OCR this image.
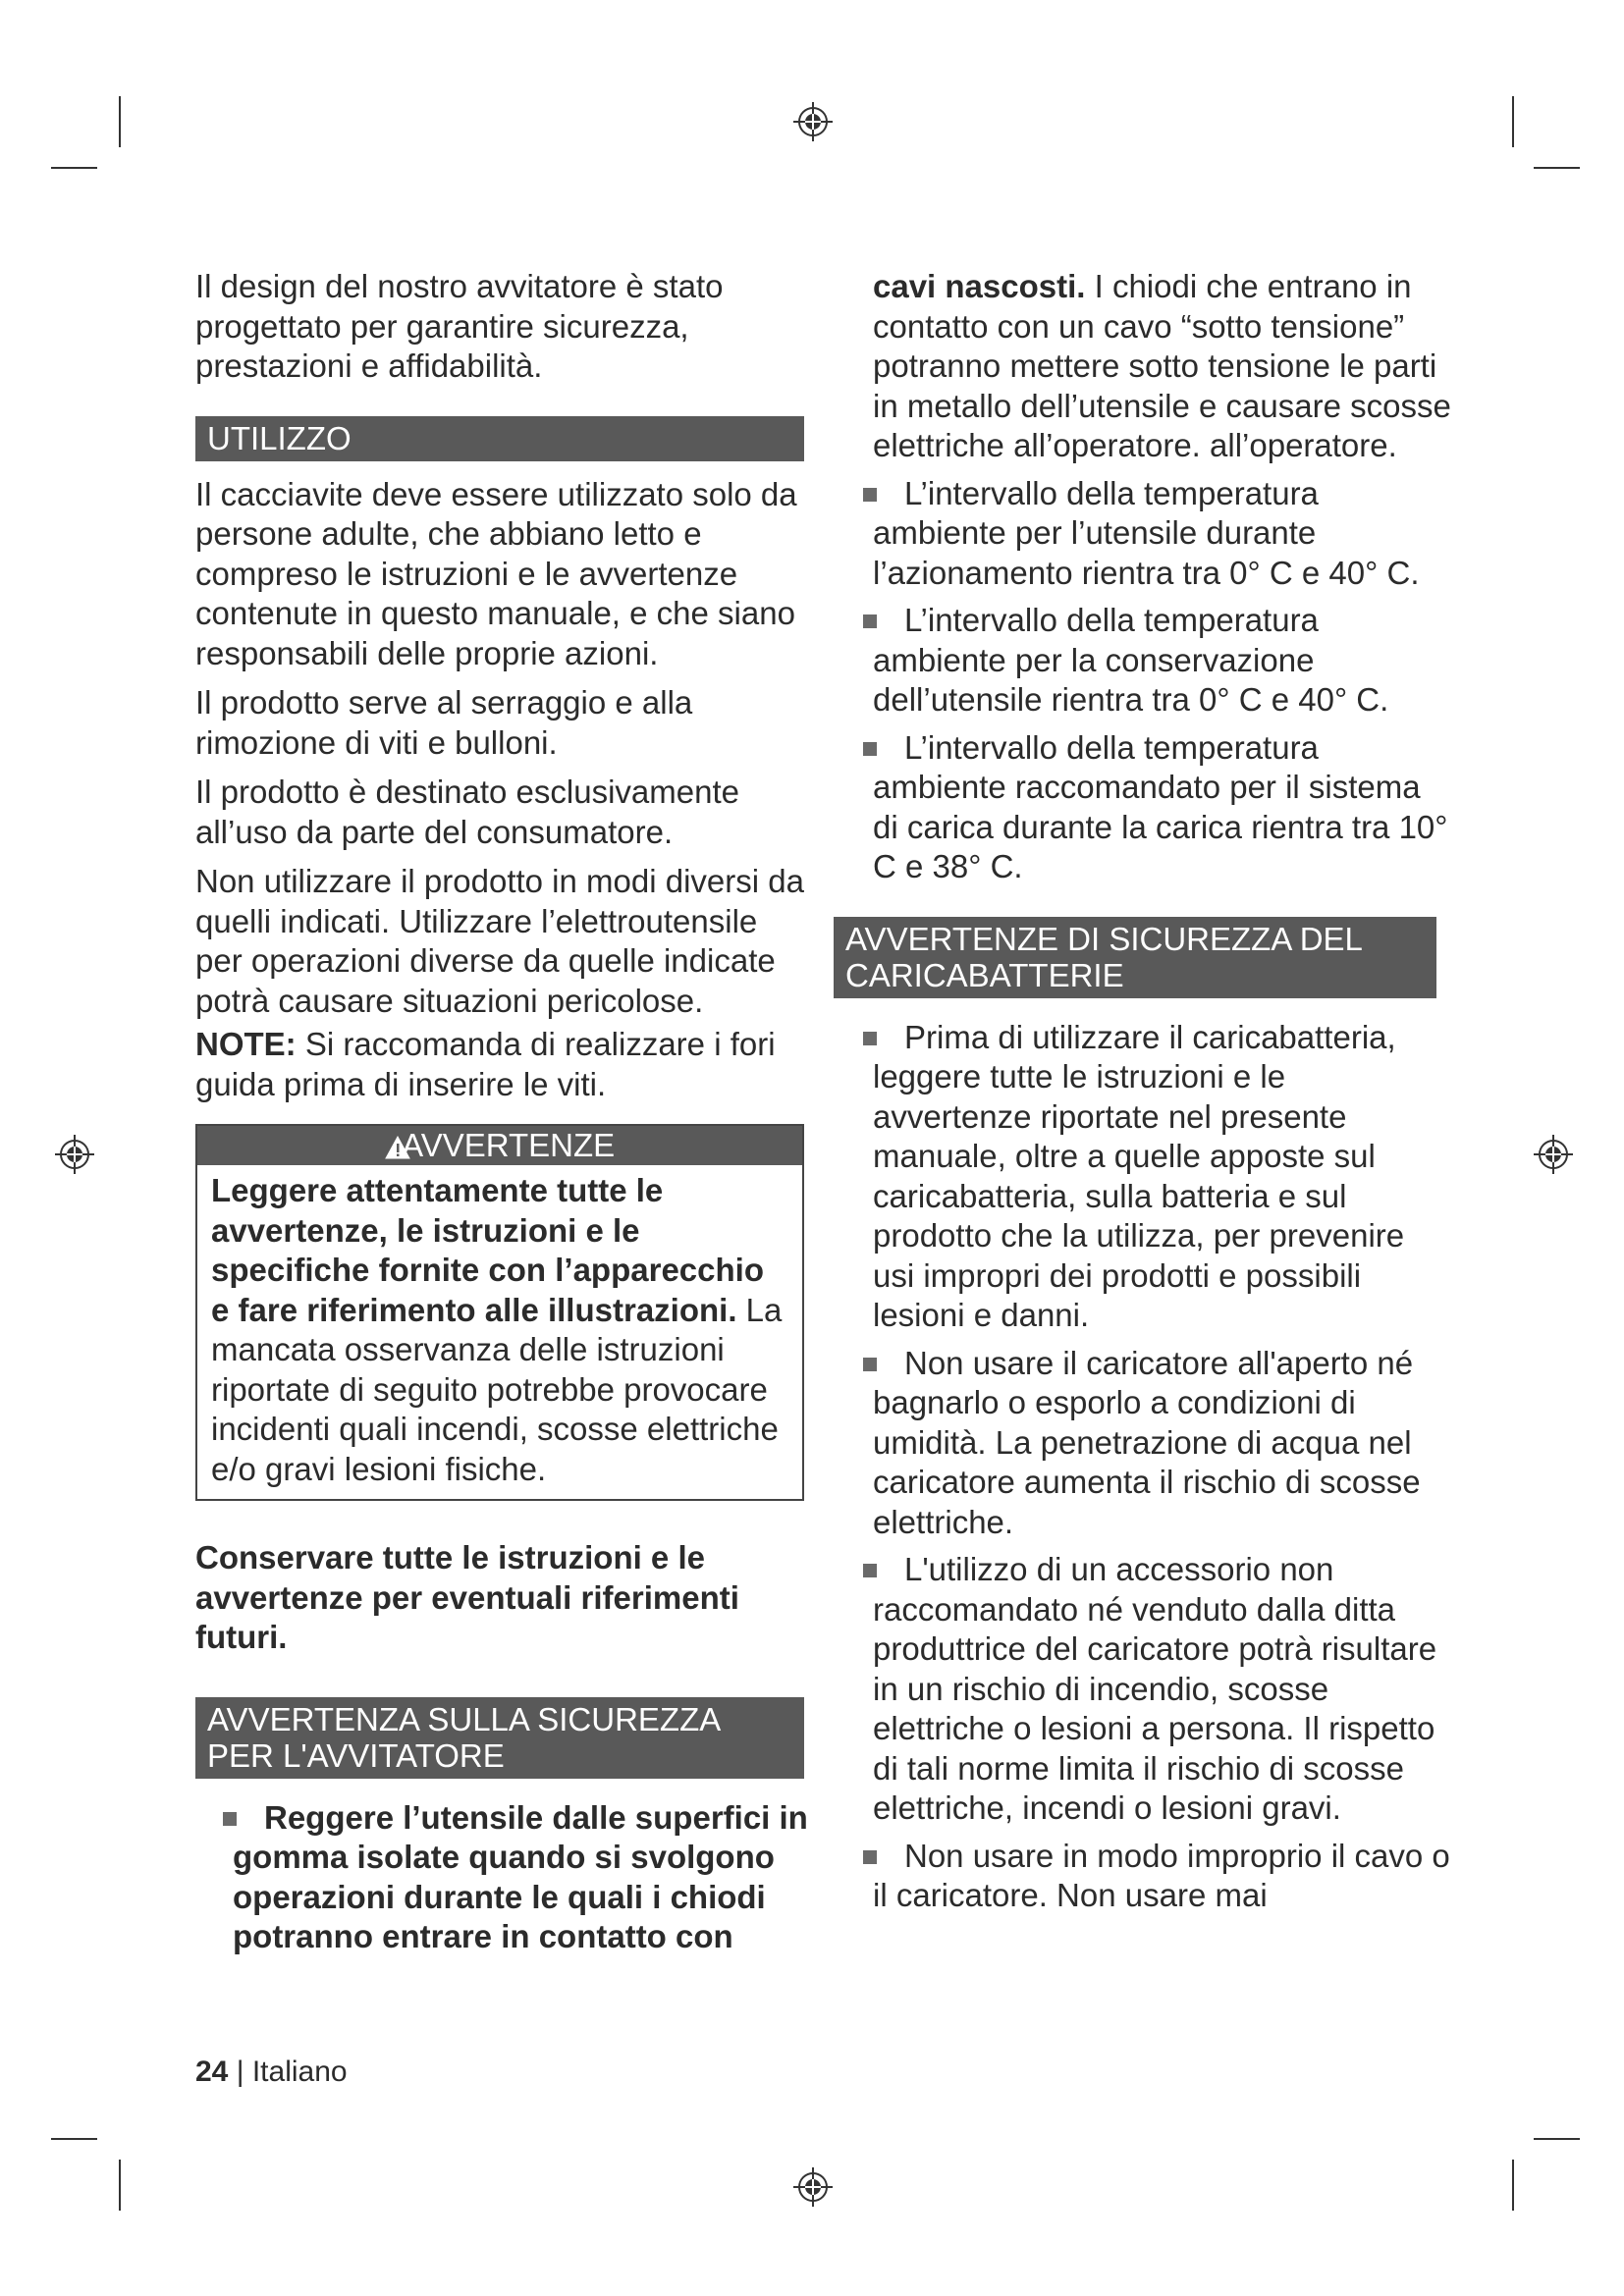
Il design del nostro avvitatore è stato progettato per garantire sicurezza, prestazioni e affidabilità.

UTILIZZO

Il cacciavite deve essere utilizzato solo da persone adulte, che abbiano letto e compreso le istruzioni e le avvertenze contenute in questo manuale, e che siano responsabili delle proprie azioni.

Il prodotto serve al serraggio e alla rimozione di viti e bulloni.

Il prodotto è destinato esclusivamente all’uso da parte del consumatore.

Non utilizzare il prodotto in modi diversi da quelli indicati. Utilizzare l’elettroutensile per operazioni diverse da quelle indicate potrà causare situazioni pericolose.

NOTE: Si raccomanda di realizzare i fori guida prima di inserire le viti.

AVVERTENZE
Leggere attentamente tutte le avvertenze, le istruzioni e le specifiche fornite con l’apparecchio e fare riferimento alle illustrazioni. La mancata osservanza delle istruzioni riportate di seguito potrebbe provocare incidenti quali incendi, scosse elettriche e/o gravi lesioni fisiche.

Conservare tutte le istruzioni e le avvertenze per eventuali riferimenti futuri.

AVVERTENZA SULLA SICUREZZA
PER L'AVVITATORE

Reggere l’utensile dalle superfici in gomma isolate quando si svolgono operazioni durante le quali i chiodi potranno entrare in contatto con

cavi nascosti. I chiodi che entrano in contatto con un cavo “sotto tensione” potranno mettere sotto tensione le parti in metallo dell’utensile e causare scosse elettriche all’operatore. all’operatore.

L’intervallo della temperatura ambiente per l’utensile durante l’azionamento rientra tra 0° C e 40° C.

L’intervallo della temperatura ambiente per la conservazione dell’utensile rientra tra 0° C e 40° C.

L’intervallo della temperatura ambiente raccomandato per il sistema di carica durante la carica rientra tra 10° C e 38° C.

AVVERTENZE DI SICUREZZA DEL
CARICABATTERIE

Prima di utilizzare il caricabatteria, leggere tutte le istruzioni e le avvertenze riportate nel presente manuale, oltre a quelle apposte sul caricabatteria, sulla batteria e sul prodotto che la utilizza, per prevenire usi impropri dei prodotti e possibili lesioni e danni.

Non usare il caricatore all'aperto né bagnarlo o esporlo a condizioni di umidità. La penetrazione di acqua nel caricatore aumenta il rischio di scosse elettriche.

L'utilizzo di un accessorio non raccomandato né venduto dalla ditta produttrice del caricatore potrà risultare in un rischio di incendio, scosse elettriche o lesioni a persona. Il rispetto di tali norme limita il rischio di scosse elettriche, incendi o lesioni gravi.

Non usare in modo improprio il cavo o il caricatore. Non usare mai

24 | Italiano
